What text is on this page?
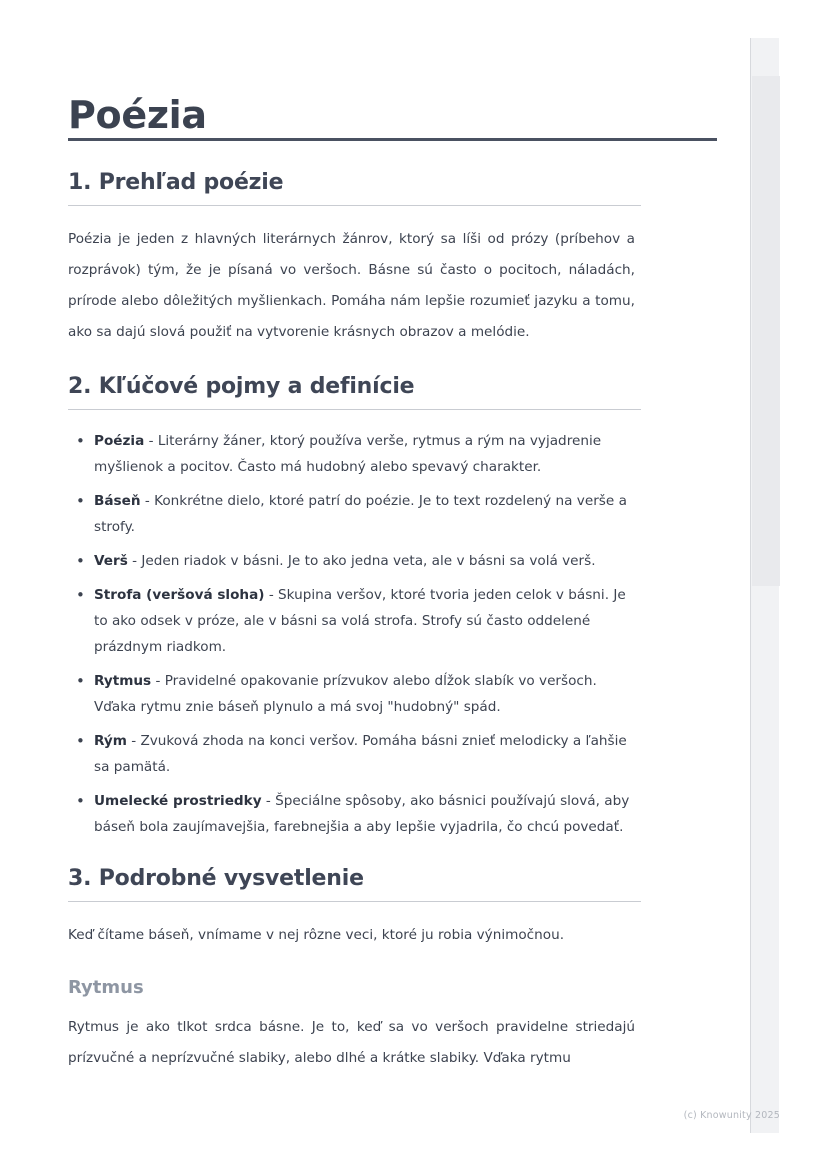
Poézia
1. Prehľad poézie

Poézia je jeden z hlavných literárnych žánrov, ktorý sa líši od prózy (príbehov a rozprávok) tým, že je písaná vo veršoch. Básne sú často o pocitoch, náladách, prírode alebo dôležitých myšlienkach. Pomáha nám lepšie rozumieť jazyku a tomu, ako sa dajú slová použiť na vytvorenie krásnych obrazov a melódie.

2. Kľúčové pojmy a definície
• Poézia - Literárny žáner, ktorý používa verše, rytmus a rým na vyjadrenie myšlienok a pocitov. Často má hudobný alebo spevavý charakter.
• Báseň - Konkrétne dielo, ktoré patrí do poézie. Je to text rozdelený na verše a strofy.
• Verš - Jeden riadok v básni. Je to ako jedna veta, ale v básni sa volá verš.
• Strofa (veršová sloha) - Skupina veršov, ktoré tvoria jeden celok v básni. Je to ako odsek v próze, ale v básni sa volá strofa. Strofy sú často oddelené prázdnym riadkom.
• Rytmus - Pravidelné opakovanie prízvukov alebo dĺžok slabík vo veršoch. Vďaka rytmu znie báseň plynulo a má svoj "hudobný" spád.
• Rým - Zvuková zhoda na konci veršov. Pomáha básni znieť melodicky a ľahšie sa pamätá.
• Umelecké prostriedky - Špeciálne spôsoby, ako básnici používajú slová, aby báseň bola zaujímavejšia, farebnejšia a aby lepšie vyjadrila, čo chcú povedať.
3. Podrobné vysvetlenie

Keď čítame báseň, vnímame v nej rôzne veci, ktoré ju robia výnimočnou.

Rytmus

Rytmus je ako tlkot srdca básne. Je to, keď sa vo veršoch pravidelne striedajú prízvučné a neprízvučné slabiky, alebo dlhé a krátke slabiky. Vďaka rytmu

(c) Knowunity 2025
